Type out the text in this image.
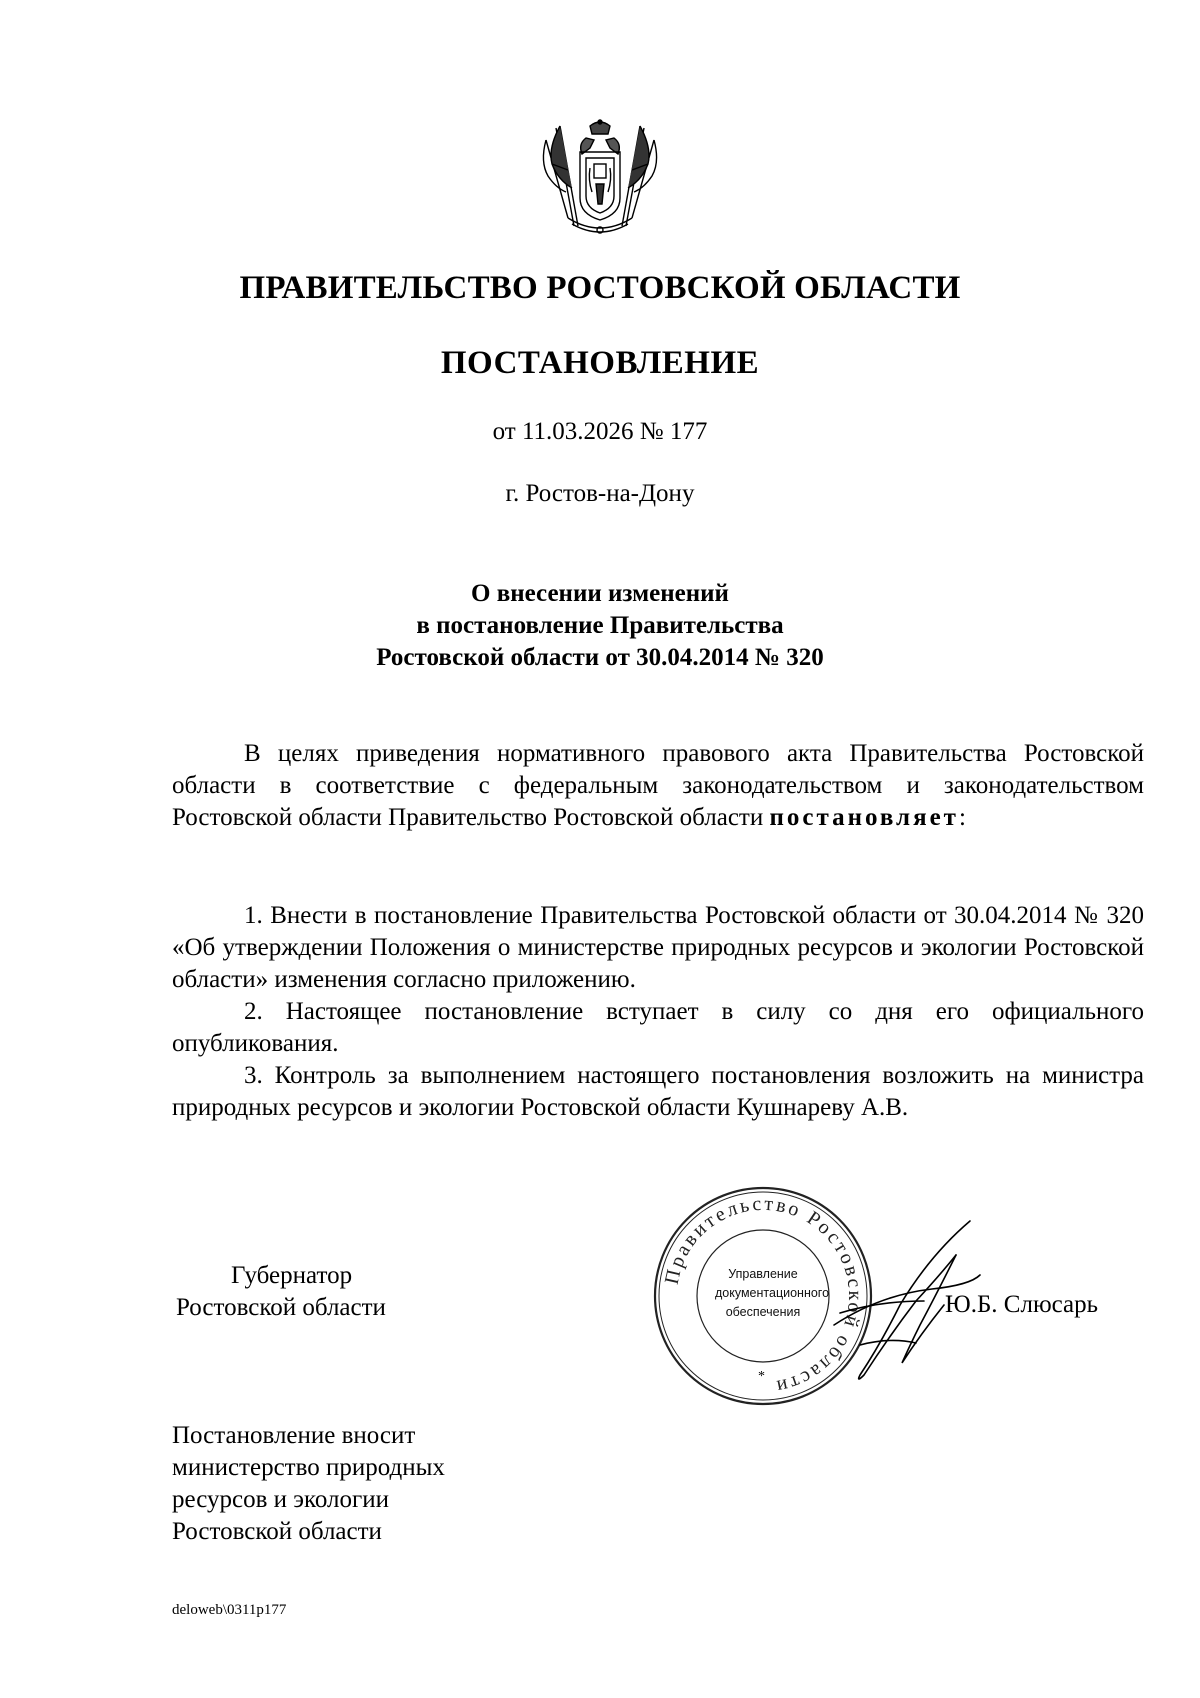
ПРАВИТЕЛЬСТВО РОСТОВСКОЙ ОБЛАСТИ
ПОСТАНОВЛЕНИЕ
от 11.03.2026 № 177
г. Ростов-на-Дону
О внесении изменений
в постановление Правительства
Ростовской области от 30.04.2014 № 320
В целях приведения нормативного правового акта Правительства Ростовской области в соответствие с федеральным законодательством и законодательством Ростовской области Правительство Ростовской области постановляет:
1. Внести в постановление Правительства Ростовской области от 30.04.2014 № 320 «Об утверждении Положения о министерстве природных ресурсов и экологии Ростовской области» изменения согласно приложению.
2. Настоящее постановление вступает в силу со дня его официального опубликования.
3. Контроль за выполнением настоящего постановления возложить на министра природных ресурсов и экологии Ростовской области Кушнареву А.В.
Губернатор
Ростовской области
Правительство Ростовской области
Управление
документационного
обеспечения
*
Ю.Б. Слюсарь
Постановление вносит
министерство природных
ресурсов и экологии
Ростовской области
deloweb\0311p177
